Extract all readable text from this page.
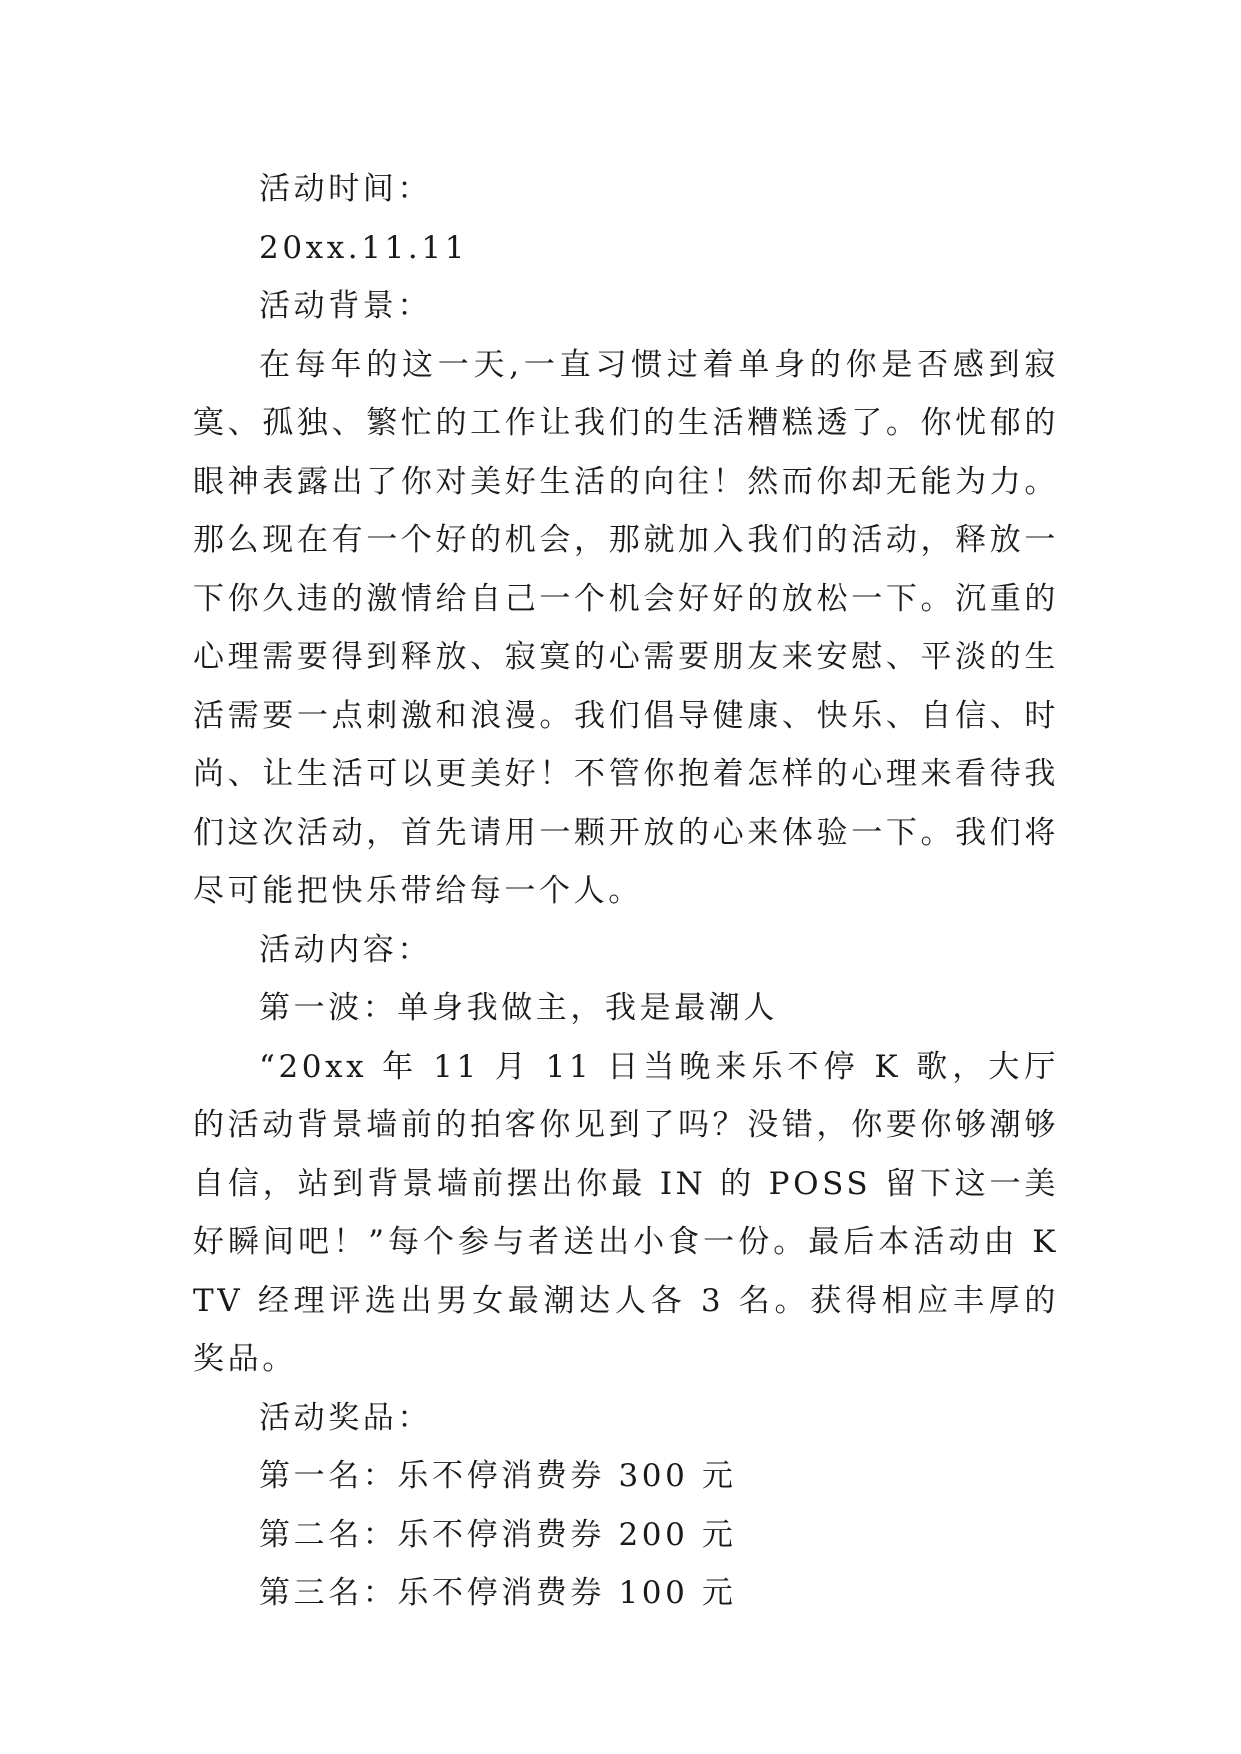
活动时间：

20xx.11.11

活动背景：

在每年的这一天,一直习惯过着单身的你是否感到寂寞、孤独、繁忙的工作让我们的生活糟糕透了。你忧郁的眼神表露出了你对美好生活的向往！然而你却无能为力。那么现在有一个好的机会，那就加入我们的活动，释放一下你久违的激情给自己一个机会好好的放松一下。沉重的心理需要得到释放、寂寞的心需要朋友来安慰、平淡的生活需要一点刺激和浪漫。我们倡导健康、快乐、自信、时尚、让生活可以更美好！不管你抱着怎样的心理来看待我们这次活动，首先请用一颗开放的心来体验一下。我们将尽可能把快乐带给每一个人。

活动内容：

第一波：单身我做主，我是最潮人

“20xx 年 11 月 11 日当晚来乐不停 K 歌，大厅的活动背景墙前的拍客你见到了吗？没错，你要你够潮够自信，站到背景墙前摆出你最 IN 的 POSS 留下这一美好瞬间吧！”每个参与者送出小食一份。最后本活动由 KTV 经理评选出男女最潮达人各 3 名。获得相应丰厚的奖品。

活动奖品：

第一名：乐不停消费券 300 元

第二名：乐不停消费券 200 元

第三名：乐不停消费券 100 元
